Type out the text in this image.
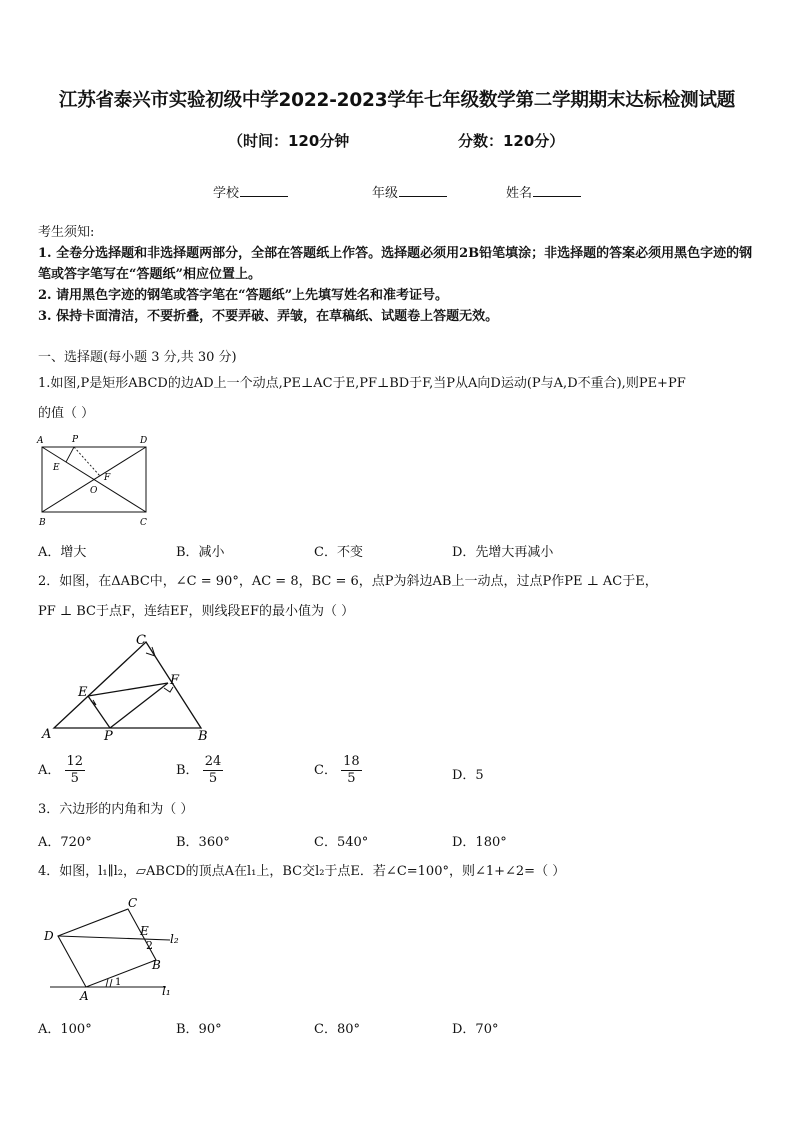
江苏省泰兴市实验初级中学2022-2023学年七年级数学第二学期期末达标检测试题
（时间：120分钟	分数：120分）
学校	年级	姓名
考生须知:
1. 全卷分选择题和非选择题两部分，全部在答题纸上作答。选择题必须用2B铅笔填涂；非选择题的答案必须用黑色字迹的钢笔或答字笔写在“答题纸”相应位置上。
2. 请用黑色字迹的钢笔或答字笔在“答题纸”上先填写姓名和准考证号。
3. 保持卡面清洁，不要折叠，不要弄破、弄皱，在草稿纸、试题卷上答题无效。
一、选择题(每小题 3 分,共 30 分)
1.如图,P是矩形ABCD的边AD上一个动点,PE⊥AC于E,PF⊥BD于F,当P从A向D运动(P与A,D不重合),则PE+PF
的值（ ）
A	P	D
E
F
O
B	C
A．增大	B．减小	C．不变	D．先增大再减小
2．如图，在ΔABC中，∠C = 90°，AC = 8，BC = 6，点P为斜边AB上一动点，过点P作PE ⊥ AC于E，
PF ⊥ BC于点F，连结EF，则线段EF的最小值为（ ）
C
E
F
A	P	B
A． $\frac{12}{5}$	B． $\frac{24}{5}$	C． $\frac{18}{5}$	D．5
3．六边形的内角和为（ ）
A．720°	B．360°	C．540°	D．180°
4．如图，l₁∥l₂，▱ABCD的顶点A在l₁上，BC交l₂于点E．若∠C=100°，则∠1+∠2=（ ）
C
D	E
2 l₂
B
A
1
l₁
A．100°	B．90°	C．80°	D．70°
